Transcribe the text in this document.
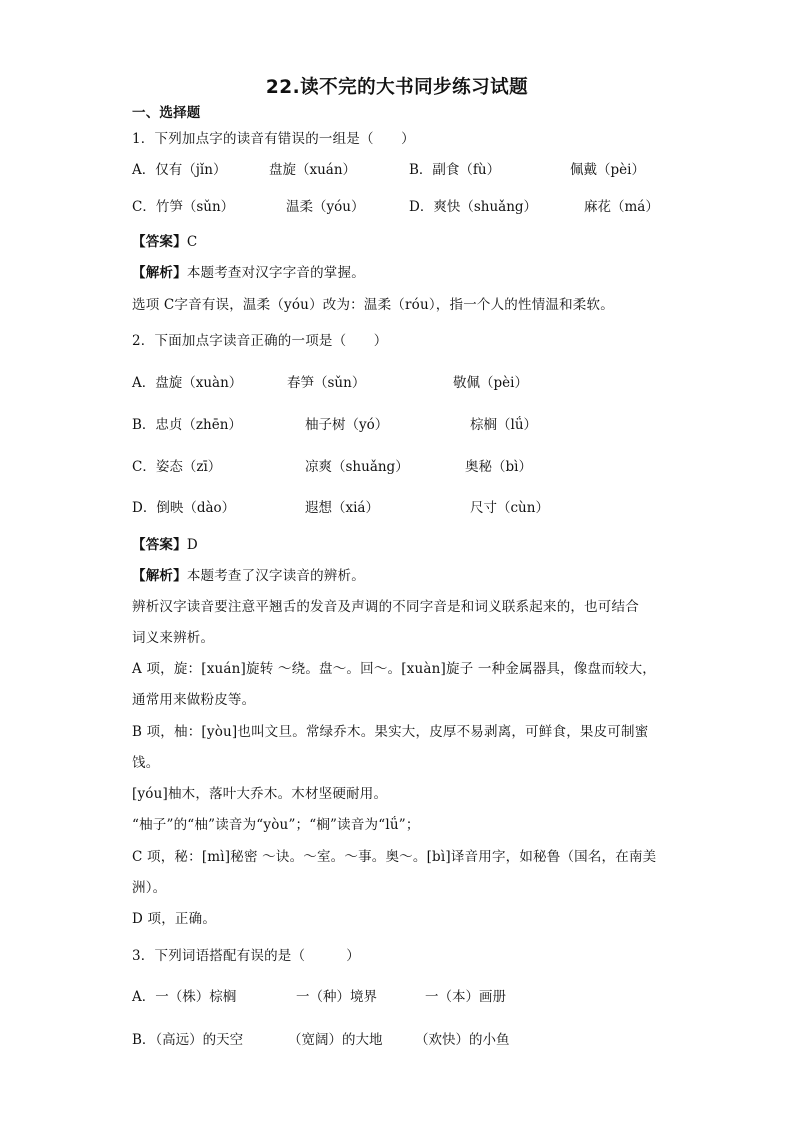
22.读不完的大书同步练习试题
一、选择题
1．下列加点字的读音有错误的一组是（　　）
A．仅有（jǐn）	盘旋（xuán）	B．副食（fù）	佩戴（pèi）
C．竹笋（sǔn）	温柔（yóu）	D．爽快（shuǎng）	麻花（má）
【答案】C
【解析】本题考查对汉字字音的掌握。
选项 C字音有误，温柔（yóu）改为：温柔（róu），指一个人的性情温和柔软。
2．下面加点字读音正确的一项是（　　）
A．盘旋（xuàn）	春笋（sǔn）	敬佩（pèi）
B．忠贞（zhēn）	柚子树（yó）	棕榈（lǘ）
C．姿态（zī）	凉爽（shuǎng）	奥秘（bì）
D．倒映（dào）	遐想（xiá）	尺寸（cùn）
【答案】D
【解析】本题考查了汉字读音的辨析。
辨析汉字读音要注意平翘舌的发音及声调的不同字音是和词义联系起来的，也可结合
词义来辨析。
A 项，旋：[xuán]旋转 ～绕。盘～。回～。[xuàn]旋子 一种金属器具，像盘而较大，
通常用来做粉皮等。
B 项，柚：[yòu]也叫文旦。常绿乔木。果实大，皮厚不易剥离，可鲜食，果皮可制蜜
饯。
[yóu]柚木，落叶大乔木。木材坚硬耐用。
“柚子”的“柚”读音为“yòu”；“榈”读音为“lǘ”；
C 项，秘：[mì]秘密 ～诀。～室。～事。奥～。[bì]译音用字，如秘鲁（国名，在南美
洲）。
D 项，正确。
3．下列词语搭配有误的是（　　　）
A．一（株）棕榈	一（种）境界	一（本）画册
B．（高远）的天空	（宽阔）的大地 （欢快）的小鱼
